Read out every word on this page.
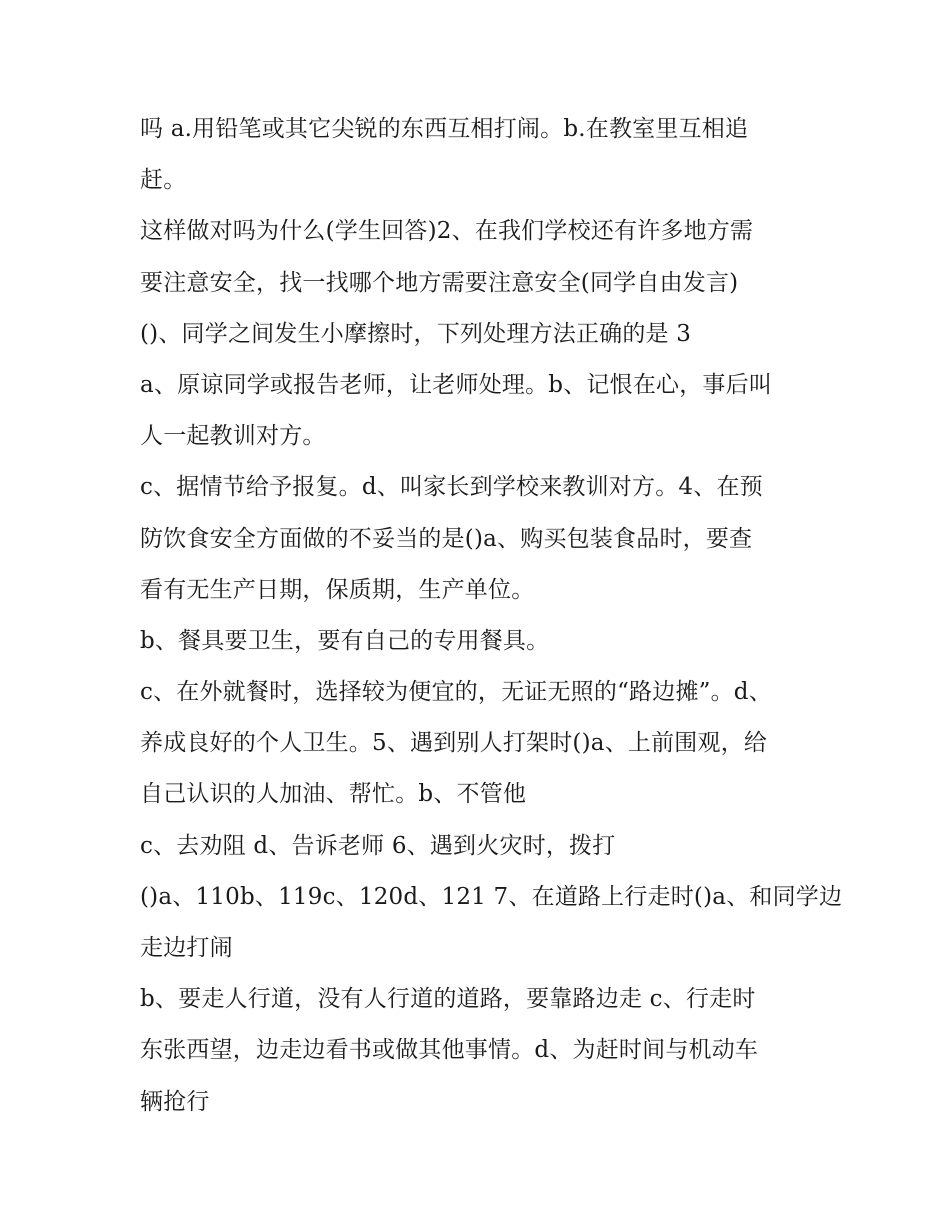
吗 a.用铅笔或其它尖锐的东西互相打闹。b.在教室里互相追
赶。
这样做对吗为什么(学生回答)2、在我们学校还有许多地方需
要注意安全，找一找哪个地方需要注意安全(同学自由发言)
()、同学之间发生小摩擦时，下列处理方法正确的是 3
a、原谅同学或报告老师，让老师处理。b、记恨在心，事后叫
人一起教训对方。
c、据情节给予报复。d、叫家长到学校来教训对方。4、在预
防饮食安全方面做的不妥当的是()a、购买包装食品时，要查
看有无生产日期，保质期，生产单位。
b、餐具要卫生，要有自己的专用餐具。
c、在外就餐时，选择较为便宜的，无证无照的“路边摊”。d、
养成良好的个人卫生。5、遇到别人打架时()a、上前围观，给
自己认识的人加油、帮忙。b、不管他
c、去劝阻 d、告诉老师 6、遇到火灾时，拨打
()a、110b、119c、120d、121 7、在道路上行走时()a、和同学边
走边打闹
b、要走人行道，没有人行道的道路，要靠路边走 c、行走时
东张西望，边走边看书或做其他事情。d、为赶时间与机动车
辆抢行
